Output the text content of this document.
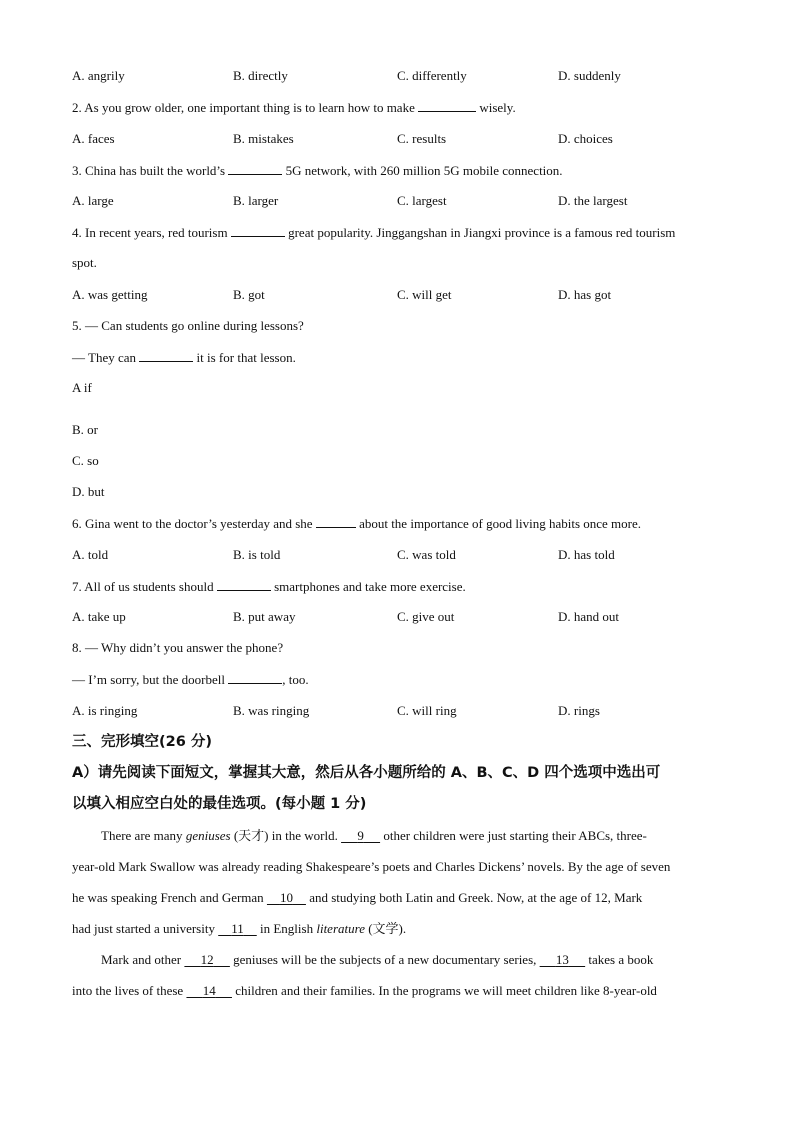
A. angrily	B. directly	C. differently	D. suddenly
2. As you grow older, one important thing is to learn how to make	wisely.
A. faces	B. mistakes	C. results	D. choices
3. China has built the world’s	5G network, with 260 million 5G mobile connection.
A. large	B. larger	C. largest	D. the largest
4. In recent years, red tourism	great popularity. Jinggangshan in Jiangxi province is a famous red tourism
spot.
A. was getting	B. got	C. will get	D. has got
5. — Can students go online during lessons?
— They can	it is for that lesson.
A if
B. or
C. so
D. but
6. Gina went to the doctor’s yesterday and she	about the importance of good living habits once more.
A. told	B. is told	C. was told	D. has told
7. All of us students should	smartphones and take more exercise.
A. take up	B. put away	C. give out	D. hand out
8. — Why didn’t you answer the phone?
— I’m sorry, but the doorbell	, too.
A. is ringing	B. was ringing	C. will ring	D. rings
三、完形填空(26 分)
A）请先阅读下面短文，掌握其大意，然后从各小题所给的 A、B、C、D 四个选项中选出可
以填入相应空白处的最佳选项。(每小题 1 分)
There are many geniuses (天才) in the world. 9 other children were just starting their ABCs, three-
year-old Mark Swallow was already reading Shakespeare’s poets and Charles Dickens’ novels. By the age of seven
he was speaking French and German 10 and studying both Latin and Greek. Now, at the age of 12, Mark
had just started a university 11 in English literature (文学).
Mark and other 12 geniuses will be the subjects of a new documentary series, 13 takes a book
into the lives of these 14 children and their families. In the programs we will meet children like 8-year-old
